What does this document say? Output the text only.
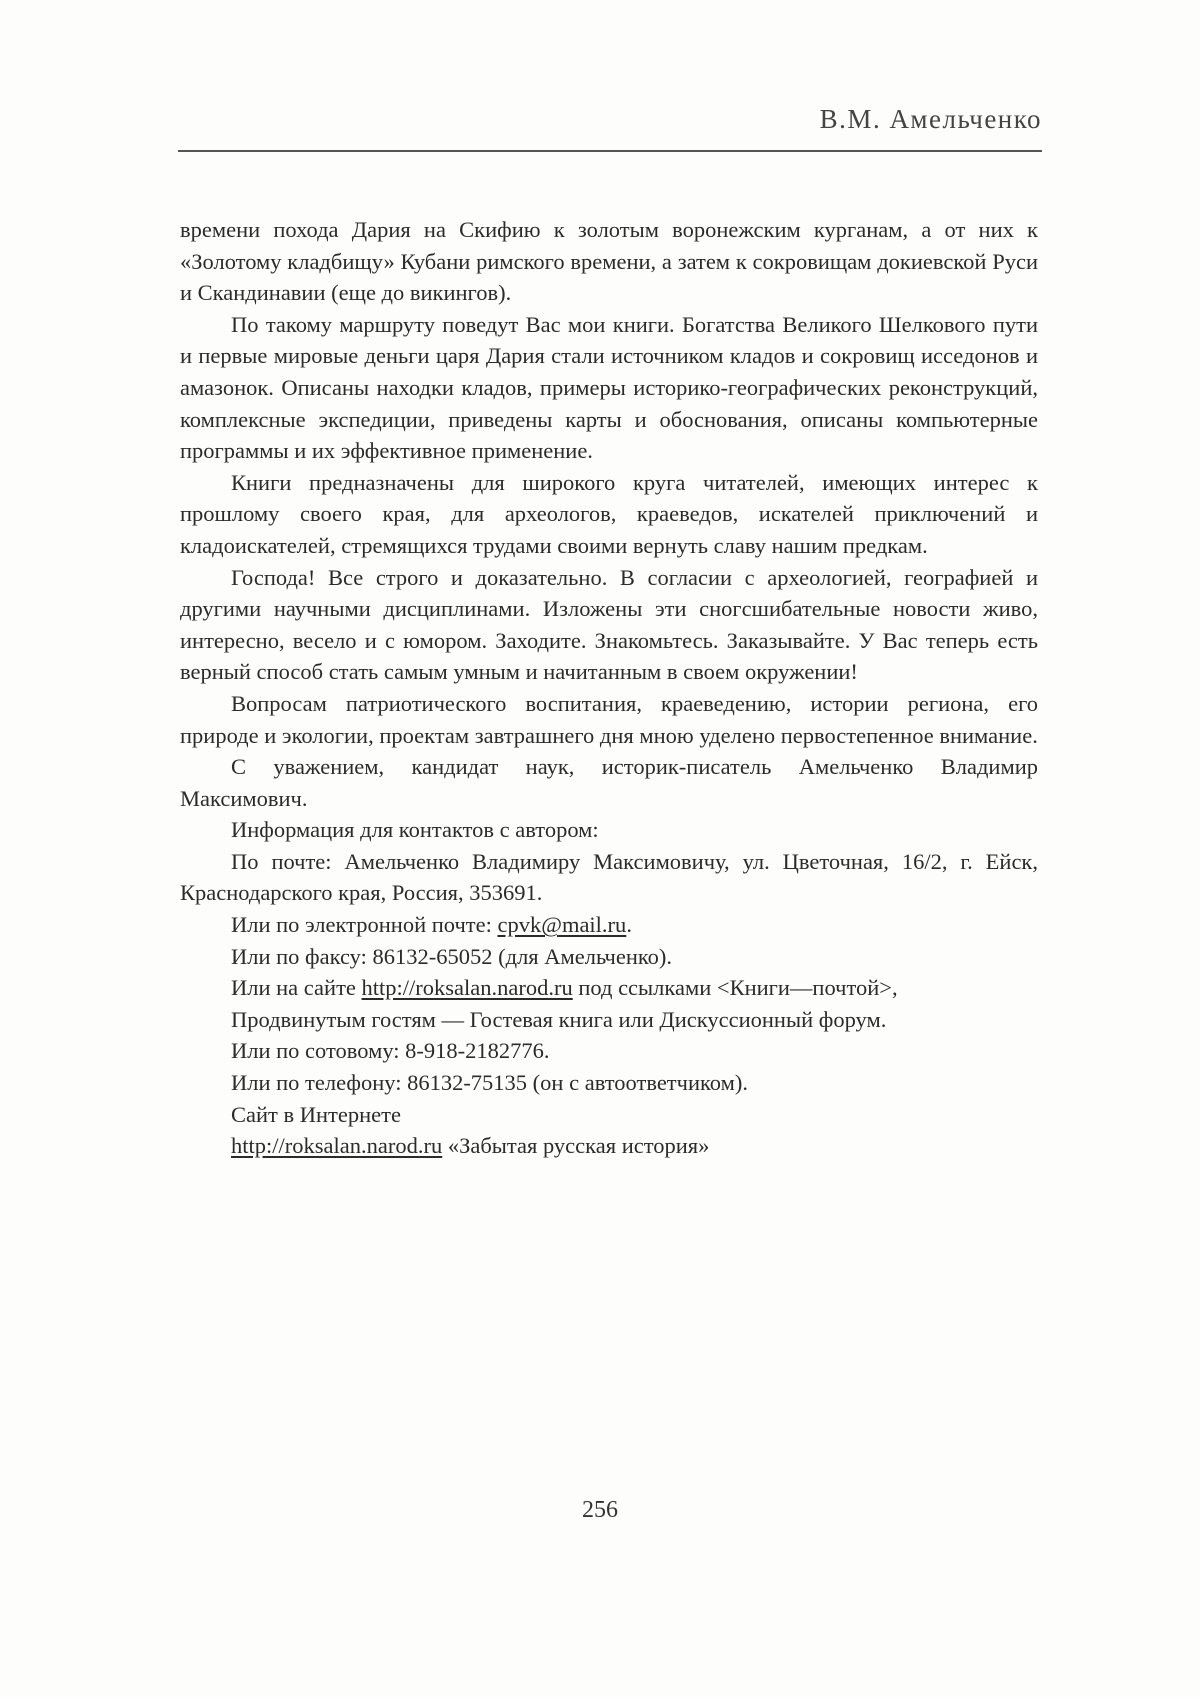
В.М. Амельченко

времени похода Дария на Скифию к золотым воронежским курганам, а от них к «Золотому кладбищу» Кубани римского времени, а затем к сокровищам докиевской Руси и Скандинавии (еще до викингов).

По такому маршруту поведут Вас мои книги. Богатства Великого Шелкового пути и первые мировые деньги царя Дария стали источником кладов и сокровищ исседонов и амазонок. Описаны находки кладов, примеры историко-географических реконструкций, комплексные экспедиции, приведены карты и обоснования, описаны компьютерные программы и их эффективное применение.

Книги предназначены для широкого круга читателей, имеющих интерес к прошлому своего края, для археологов, краеведов, искателей приключений и кладоискателей, стремящихся трудами своими вернуть славу нашим предкам.

Господа! Все строго и доказательно. В согласии с археологией, географией и другими научными дисциплинами. Изложены эти сногсшибательные новости живо, интересно, весело и с юмором. Заходите. Знакомьтесь. Заказывайте. У Вас теперь есть верный способ стать самым умным и начитанным в своем окружении!

Вопросам патриотического воспитания, краеведению, истории региона, его природе и экологии, проектам завтрашнего дня мною уделено первостепенное внимание.

С уважением, кандидат наук, историк-писатель Амельченко Владимир Максимович.

Информация для контактов с автором:

По почте: Амельченко Владимиру Максимовичу, ул. Цветочная, 16/2, г. Ейск, Краснодарского края, Россия, 353691.

Или по электронной почте: cpvk@mail.ru.

Или по факсу: 86132-65052 (для Амельченко).

Или на сайте http://roksalan.narod.ru под ссылками <Книги—почтой>,

Продвинутым гостям — Гостевая книга или Дискуссионный форум.

Или по сотовому: 8-918-2182776.

Или по телефону: 86132-75135 (он с автоответчиком).

Сайт в Интернете

http://roksalan.narod.ru «Забытая русская история»

256
